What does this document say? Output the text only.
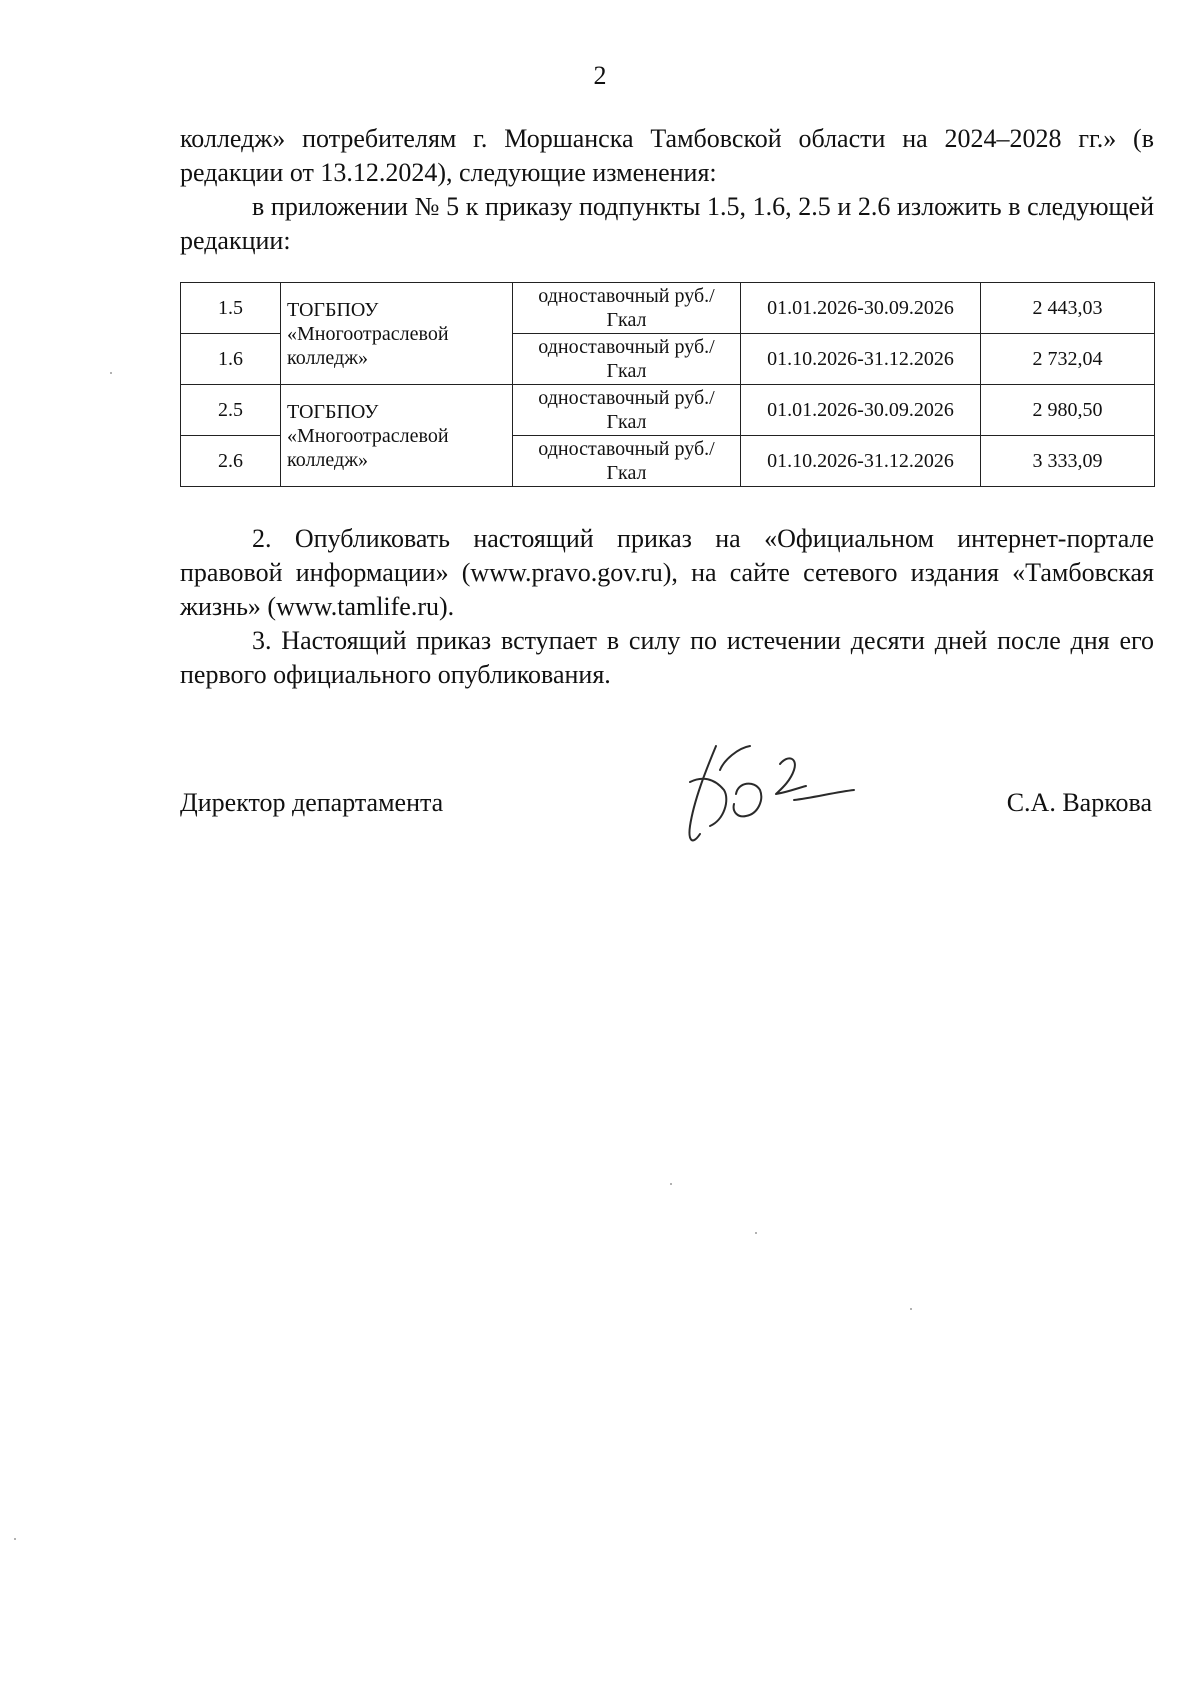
2

колледж» потребителям г. Моршанска Тамбовской области на 2024–2028 гг.» (в редакции от 13.12.2024), следующие изменения:

в приложении № 5 к приказу подпункты 1.5, 1.6, 2.5 и 2.6 изложить в следующей редакции:

1.5	ТОГБПОУ «Многоотраслевой колледж»	одноставочный руб./Гкал	01.01.2026-30.09.2026	2 443,03
1.6		одноставочный руб./Гкал	01.10.2026-31.12.2026	2 732,04
2.5	ТОГБПОУ «Многоотраслевой колледж»	одноставочный руб./Гкал	01.01.2026-30.09.2026	2 980,50
2.6		одноставочный руб./Гкал	01.10.2026-31.12.2026	3 333,09

2. Опубликовать настоящий приказ на «Официальном интернет-портале правовой информации» (www.pravo.gov.ru), на сайте сетевого издания «Тамбовская жизнь» (www.tamlife.ru).

3. Настоящий приказ вступает в силу по истечении десяти дней после дня его первого официального опубликования.

Директор департамента	С.А. Варкова
